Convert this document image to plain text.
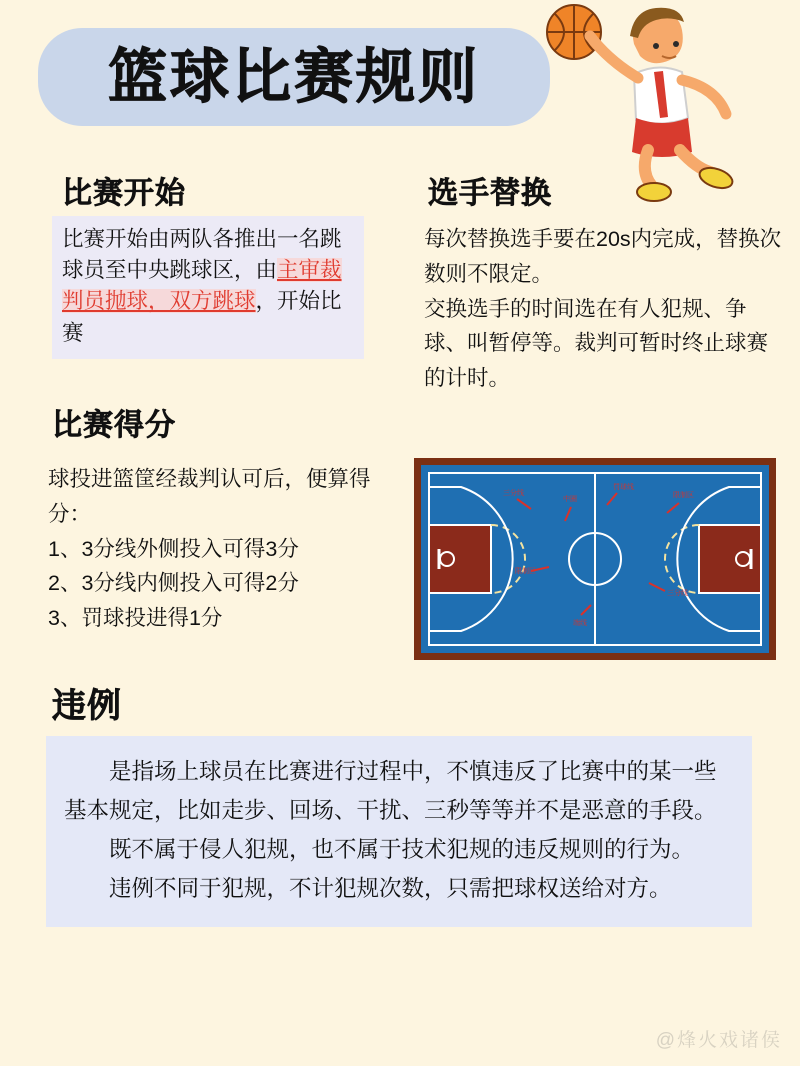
篮球比赛规则
比赛开始
比赛开始由两队各推出一名跳球员至中央跳球区，由主审裁判员抛球，双方跳球，开始比赛
比赛得分
球投进篮筐经裁判认可后，便算得分：
1、3分线外侧投入可得3分
2、3分线内侧投入可得2分
3、罚球投进得1分
选手替换
每次替换选手要在20s内完成，替换次数则不限定。
交换选手的时间选在有人犯规、争球、叫暂停等。裁判可暂时终止球赛的计时。
三分线
中圈
罚球线
限制区
限制区
三分线
端线
违例

是指场上球员在比赛进行过程中，不慎违反了比赛中的某一些基本规定，比如走步、回场、干扰、三秒等等并不是恶意的手段。

既不属于侵人犯规，也不属于技术犯规的违反规则的行为。

违例不同于犯规，不计犯规次数，只需把球权送给对方。

@烽火戏诸侯
